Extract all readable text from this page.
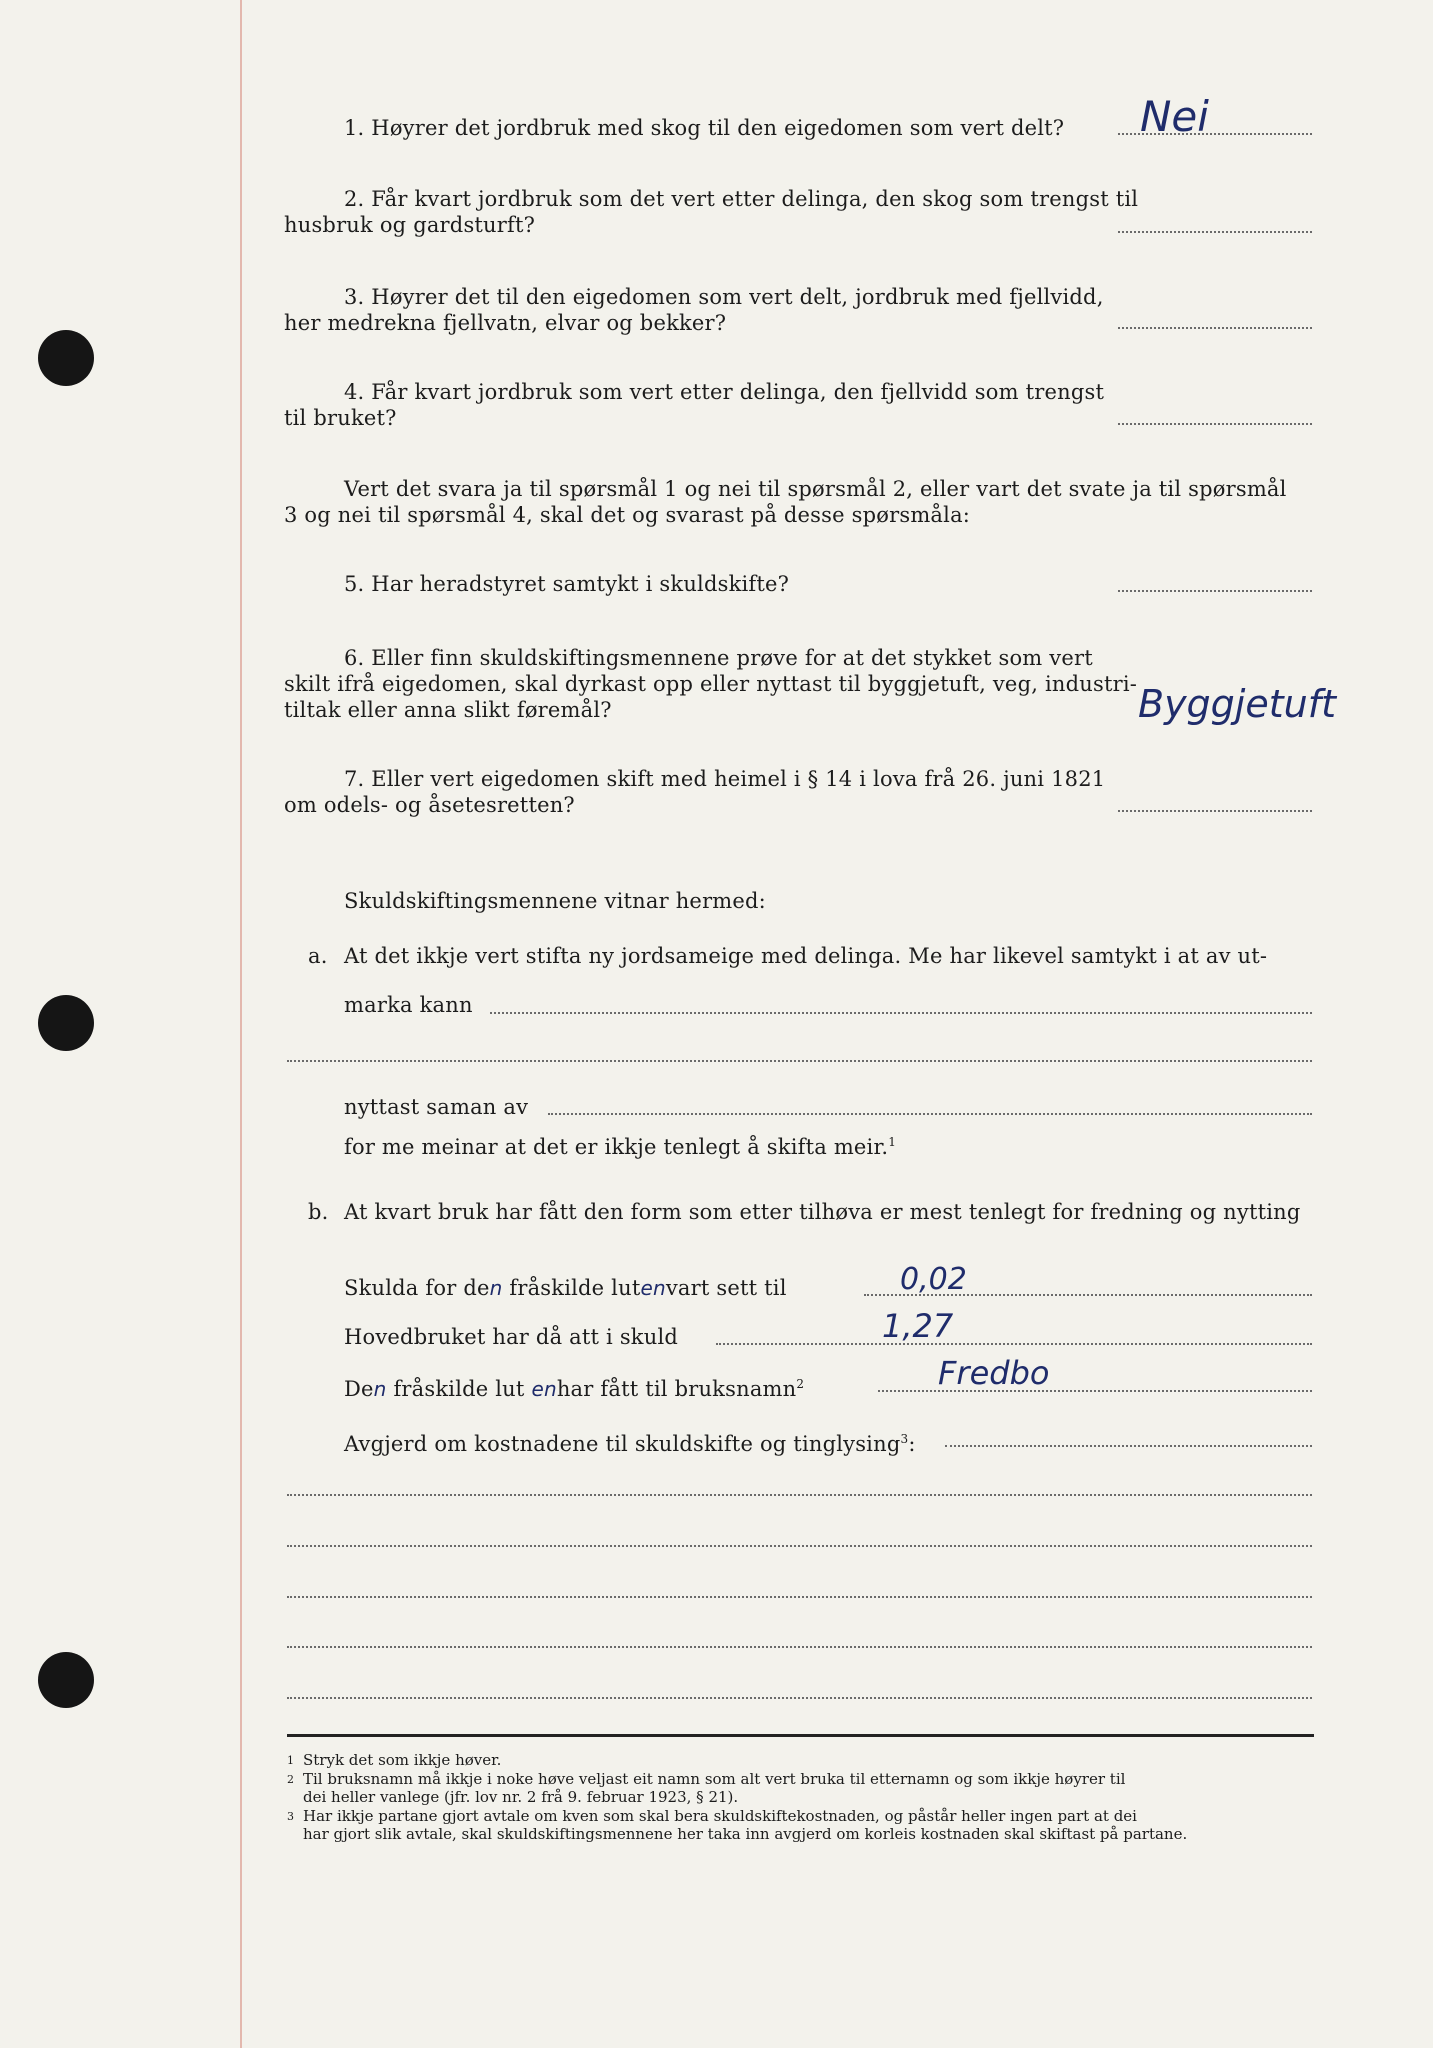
1. Høyrer det jordbruk med skog til den eigedomen som vert delt? Nei
2. Får kvart jordbruk som det vert etter delinga, den skog som trengst til
husbruk og gardsturft?
3. Høyrer det til den eigedomen som vert delt, jordbruk med fjellvidd,
her medrekna fjellvatn, elvar og bekker?
4. Får kvart jordbruk som vert etter delinga, den fjellvidd som trengst
til bruket?
Vert det svara ja til spørsmål 1 og nei til spørsmål 2, eller vart det svate ja til spørsmål
3 og nei til spørsmål 4, skal det og svarast på desse spørsmåla:
5. Har heradstyret samtykt i skuldskifte?
6. Eller finn skuldskiftingsmennene prøve for at det stykket som vert
skilt ifrå eigedomen, skal dyrkast opp eller nyttast til byggjetuft, veg, industri-
tiltak eller anna slikt føremål?	Byggjetuft
7. Eller vert eigedomen skift med heimel i § 14 i lova frå 26. juni 1821
om odels- og åsetesretten?
Skuldskiftingsmennene vitnar hermed:
a. At det ikkje vert stifta ny jordsameige med delinga. Me har likevel samtykt i at av ut-
marka kann
nyttast saman av
for me meinar at det er ikkje tenlegt å skifta meir.$^1$
b. At kvart bruk har fått den form som etter tilhøva er mest tenlegt for fredning og nytting
Skulda for den fråskilde lutenvart sett til	0,02
Hovedbruket har då att i skuld	1,27
Den fråskilde lut enhar fått til bruksnamn$^2$	Fredbo
Avgjerd om kostnadene til skuldskifte og tinglysing$^3$:
1 Stryk det som ikkje høver.
2 Til bruksnamn må ikkje i noke høve veljast eit namn som alt vert bruka til etternamn og som ikkje høyrer til
dei heller vanlege (jfr. lov nr. 2 frå 9. februar 1923, § 21).
3 Har ikkje partane gjort avtale om kven som skal bera skuldskiftekostnaden, og påstår heller ingen part at dei
har gjort slik avtale, skal skuldskiftingsmennene her taka inn avgjerd om korleis kostnaden skal skiftast på partane.
